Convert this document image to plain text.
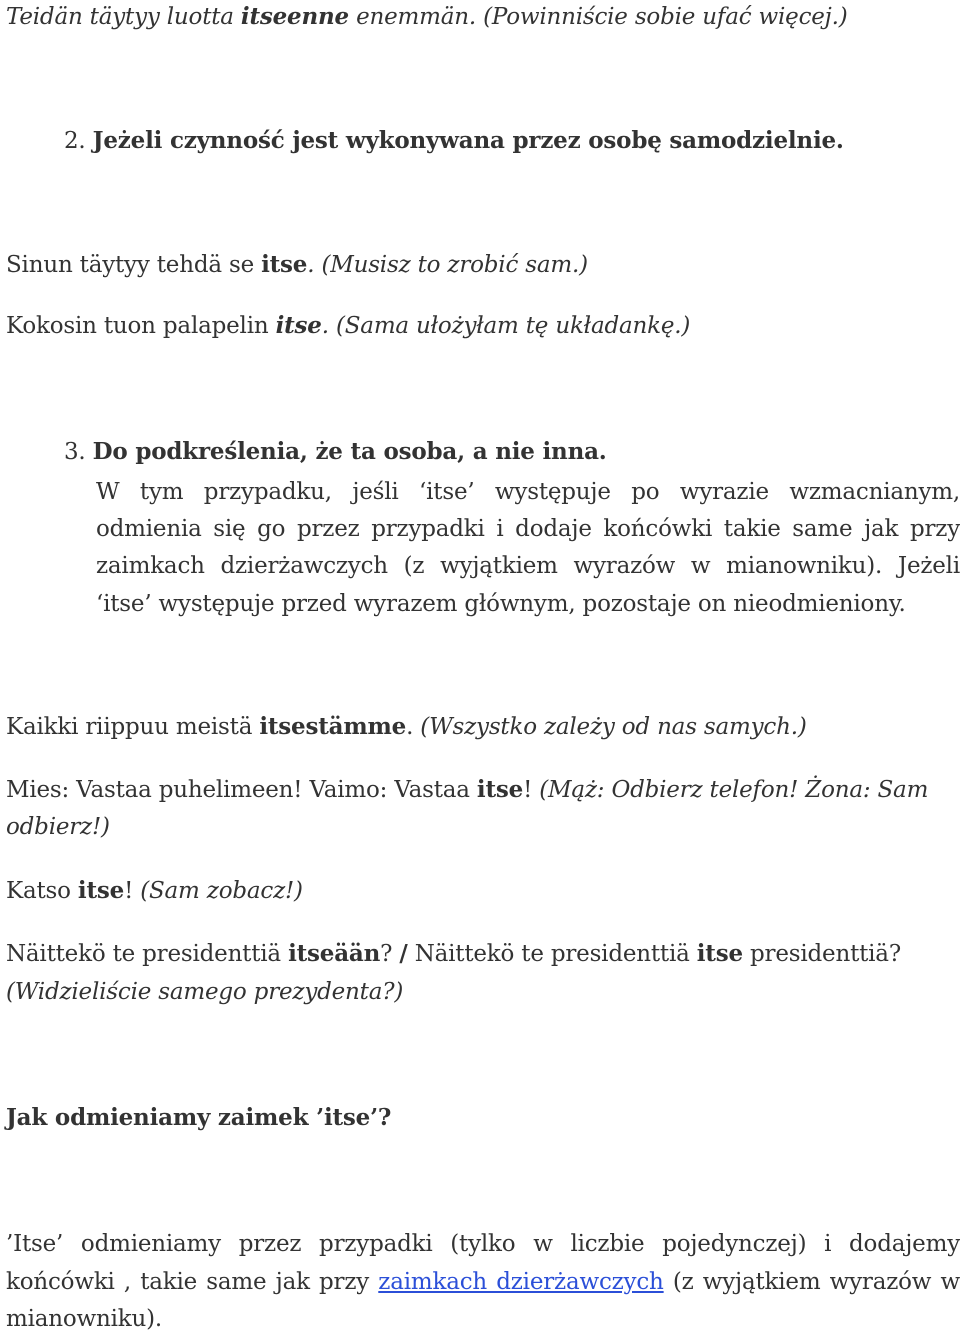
Teidän täytyy luotta itseenne enemmän. (Powinniście sobie ufać więcej.)
2. Jeżeli czynność jest wykonywana przez osobę samodzielnie.
Sinun täytyy tehdä se itse. (Musisz to zrobić sam.)
Kokosin tuon palapelin itse. (Sama ułożyłam tę układankę.)
3. Do podkreślenia, że ta osoba, a nie inna.
W tym przypadku, jeśli ‘itse’ występuje po wyrazie wzmacnianym,
odmienia się go przez przypadki i dodaje końcówki takie same jak przy
zaimkach dzierżawczych (z wyjątkiem wyrazów w mianowniku). Jeżeli
‘itse’ występuje przed wyrazem głównym, pozostaje on nieodmieniony.
Kaikki riippuu meistä itsestämme. (Wszystko zależy od nas samych.)
Mies: Vastaa puhelimeen! Vaimo: Vastaa itse! (Mąż: Odbierz telefon! Żona: Sam
odbierz!)
Katso itse! (Sam zobacz!)
Näittekö te presidenttiä itseään? / Näittekö te presidenttiä itse presidenttiä?
(Widzieliście samego prezydenta?)
Jak odmieniamy zaimek ’itse’?
’Itse’ odmieniamy przez przypadki (tylko w liczbie pojedynczej) i dodajemy
końcówki , takie same jak przy zaimkach dzierżawczych (z wyjątkiem wyrazów w
mianowniku).
